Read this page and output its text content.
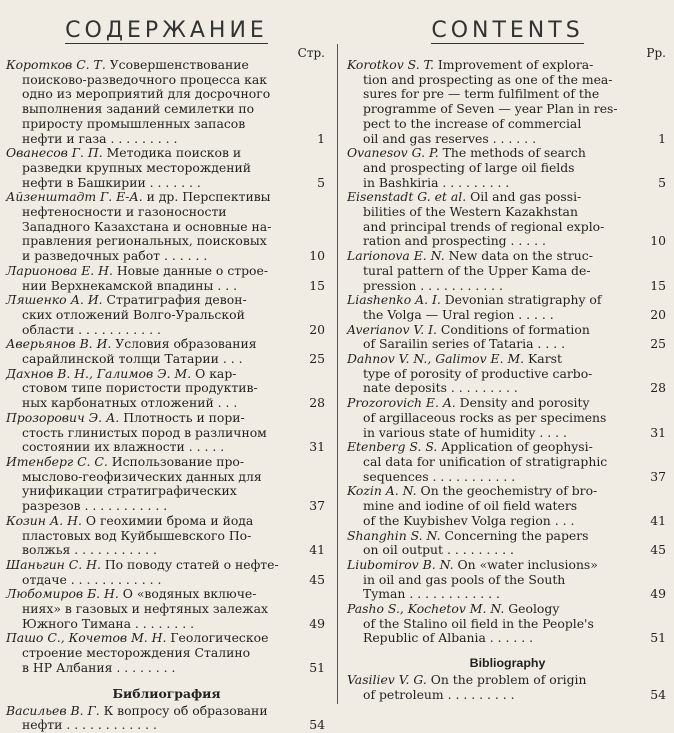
СОДЕРЖАНИЕ
Стр.
Коротков С. Т. Усовершенствование
поисково-разведочного процесса как
одно из мероприятий для досрочного
выполнения заданий семилетки по
приросту промышленных запасов
нефти и газа . . . . . . . . .	1
Ованесов Г. П. Методика поисков и
разведки крупных месторождений
нефти в Башкирии . . . . . . .	5
Айзенштадт Г. Е-А. и др. Перспективы
нефтеносности и газоносности
Западного Казахстана и основные на-
правления региональных, поисковых
и разведочных работ . . . . . .	10
Ларионова Е. Н. Новые данные о строе-
нии Верхнекамской впадины . . .	15
Ляшенко А. И. Стратиграфия девон-
ских отложений Волго-Уральской
области . . . . . . . . . . .	20
Аверьянов В. И. Условия образования
сарайлинской толщи Татарии . . .	25
Дахнов В. Н., Галимов Э. М. О кар-
стовом типе пористости продуктив-
ных карбонатных отложений . . .	28
Прозорович Э. А. Плотность и пори-
стость глинистых пород в различном
состоянии их влажности . . . . .	31
Итенберг С. С. Использование про-
мыслово-геофизических данных для
унификации стратиграфических
разрезов . . . . . . . . . . .	37
Козин А. Н. О геохимии брома и йода
пластовых вод Куйбышевского По-
волжья . . . . . . . . . . .	41
Шаньгин С. Н. По поводу статей о нефте-
отдаче . . . . . . . . . . . .	45
Любомиров Б. Н. О «водяных включе-
ниях» в газовых и нефтяных залежах
Южного Тимана . . . . . . . .	49
Пашо С., Кочетов М. Н. Геологическое
строение месторождения Сталино
в НР Албания . . . . . . . .	51
Библиография
Васильев В. Г. К вопросу об образовани
нефти . . . . . . . . . . . .	54
CONTENTS
Pp.
Korotkov S. T. Improvement of explora-
tion and prospecting as one of the mea-
sures for pre — term fulfilment of the
programme of Seven — year Plan in res-
pect to the increase of commercial
oil and gas reserves . . . . . .	1
Ovanesov G. P. The methods of search
and prospecting of large oil fields
in Bashkiria . . . . . . . . .	5
Eisenstadt G. et al. Oil and gas possi-
bilities of the Western Kazakhstan
and principal trends of regional explo-
ration and prospecting . . . . .	10
Larionova E. N. New data on the struc-
tural pattern of the Upper Kama de-
pression . . . . . . . . . . .	15
Liashenko A. I. Devonian stratigraphy of
the Volga — Ural region . . . . .	20
Averianov V. I. Conditions of formation
of Sarailin series of Tataria . . . .	25
Dahnov V. N., Galimov E. M. Karst
type of porosity of productive carbo-
nate deposits . . . . . . . . .	28
Prozorovich E. A. Density and porosity
of argillaceous rocks as per specimens
in various state of humidity . . . .	31
Etenberg S. S. Application of geophysi-
cal data for unification of stratigraphic
sequences . . . . . . . . . . .	37
Kozin A. N. On the geochemistry of bro-
mine and iodine of oil field waters
of the Kuybishev Volga region . . .	41
Shanghin S. N. Concerning the papers
on oil output . . . . . . . . .	45
Liubomirov B. N. On «water inclusions»
in oil and gas pools of the South
Tyman . . . . . . . . . . . .	49
Pasho S., Kochetov M. N. Geology
of the Stalino oil field in the People's
Republic of Albania . . . . . .	51
Bibliography
Vasiliev V. G. On the problem of origin
of petroleum . . . . . . . . .	54
